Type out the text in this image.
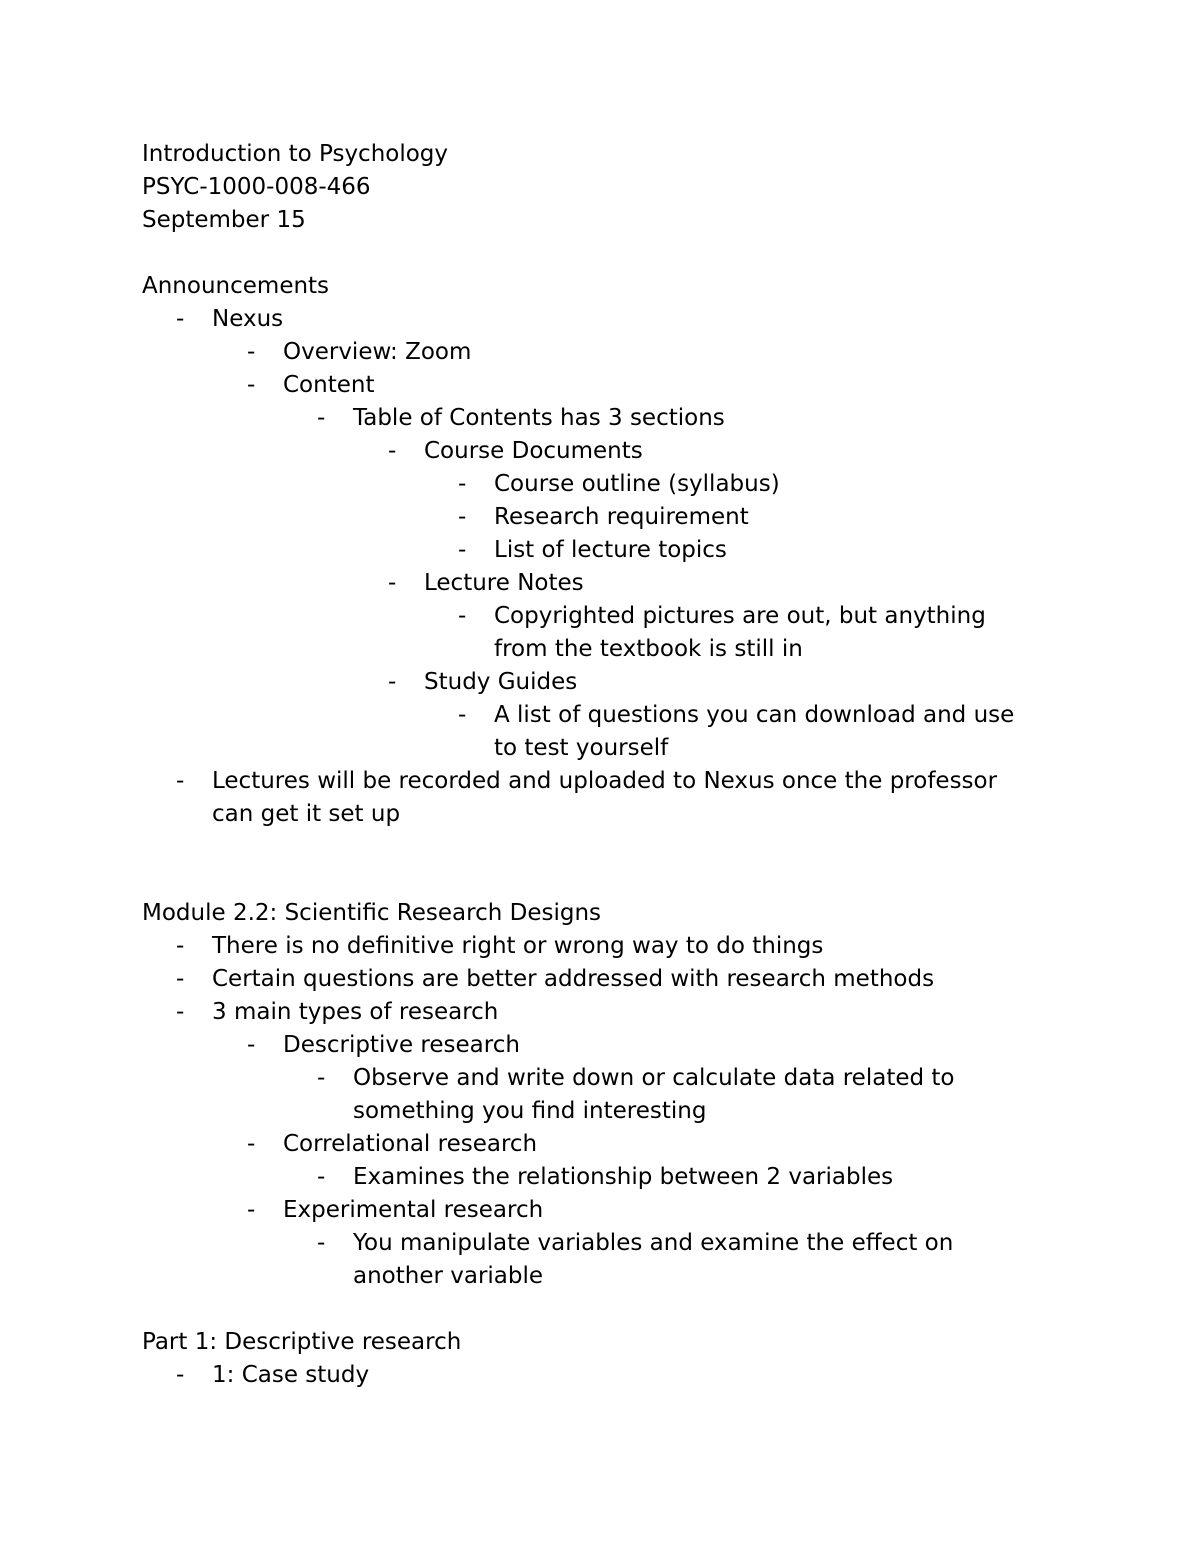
Introduction to Psychology
PSYC-1000-008-466
September 15
Announcements
- Nexus
- Overview: Zoom
- Content
- Table of Contents has 3 sections
- Course Documents
- Course outline (syllabus)
- Research requirement
- List of lecture topics
- Lecture Notes
- Copyrighted pictures are out, but anything
from the textbook is still in
- Study Guides
- A list of questions you can download and use
to test yourself
- Lectures will be recorded and uploaded to Nexus once the professor
can get it set up
Module 2.2: Scientific Research Designs
- There is no definitive right or wrong way to do things
- Certain questions are better addressed with research methods
- 3 main types of research
- Descriptive research
- Observe and write down or calculate data related to
something you find interesting
- Correlational research
- Examines the relationship between 2 variables
- Experimental research
- You manipulate variables and examine the effect on
another variable
Part 1: Descriptive research
- 1: Case study
